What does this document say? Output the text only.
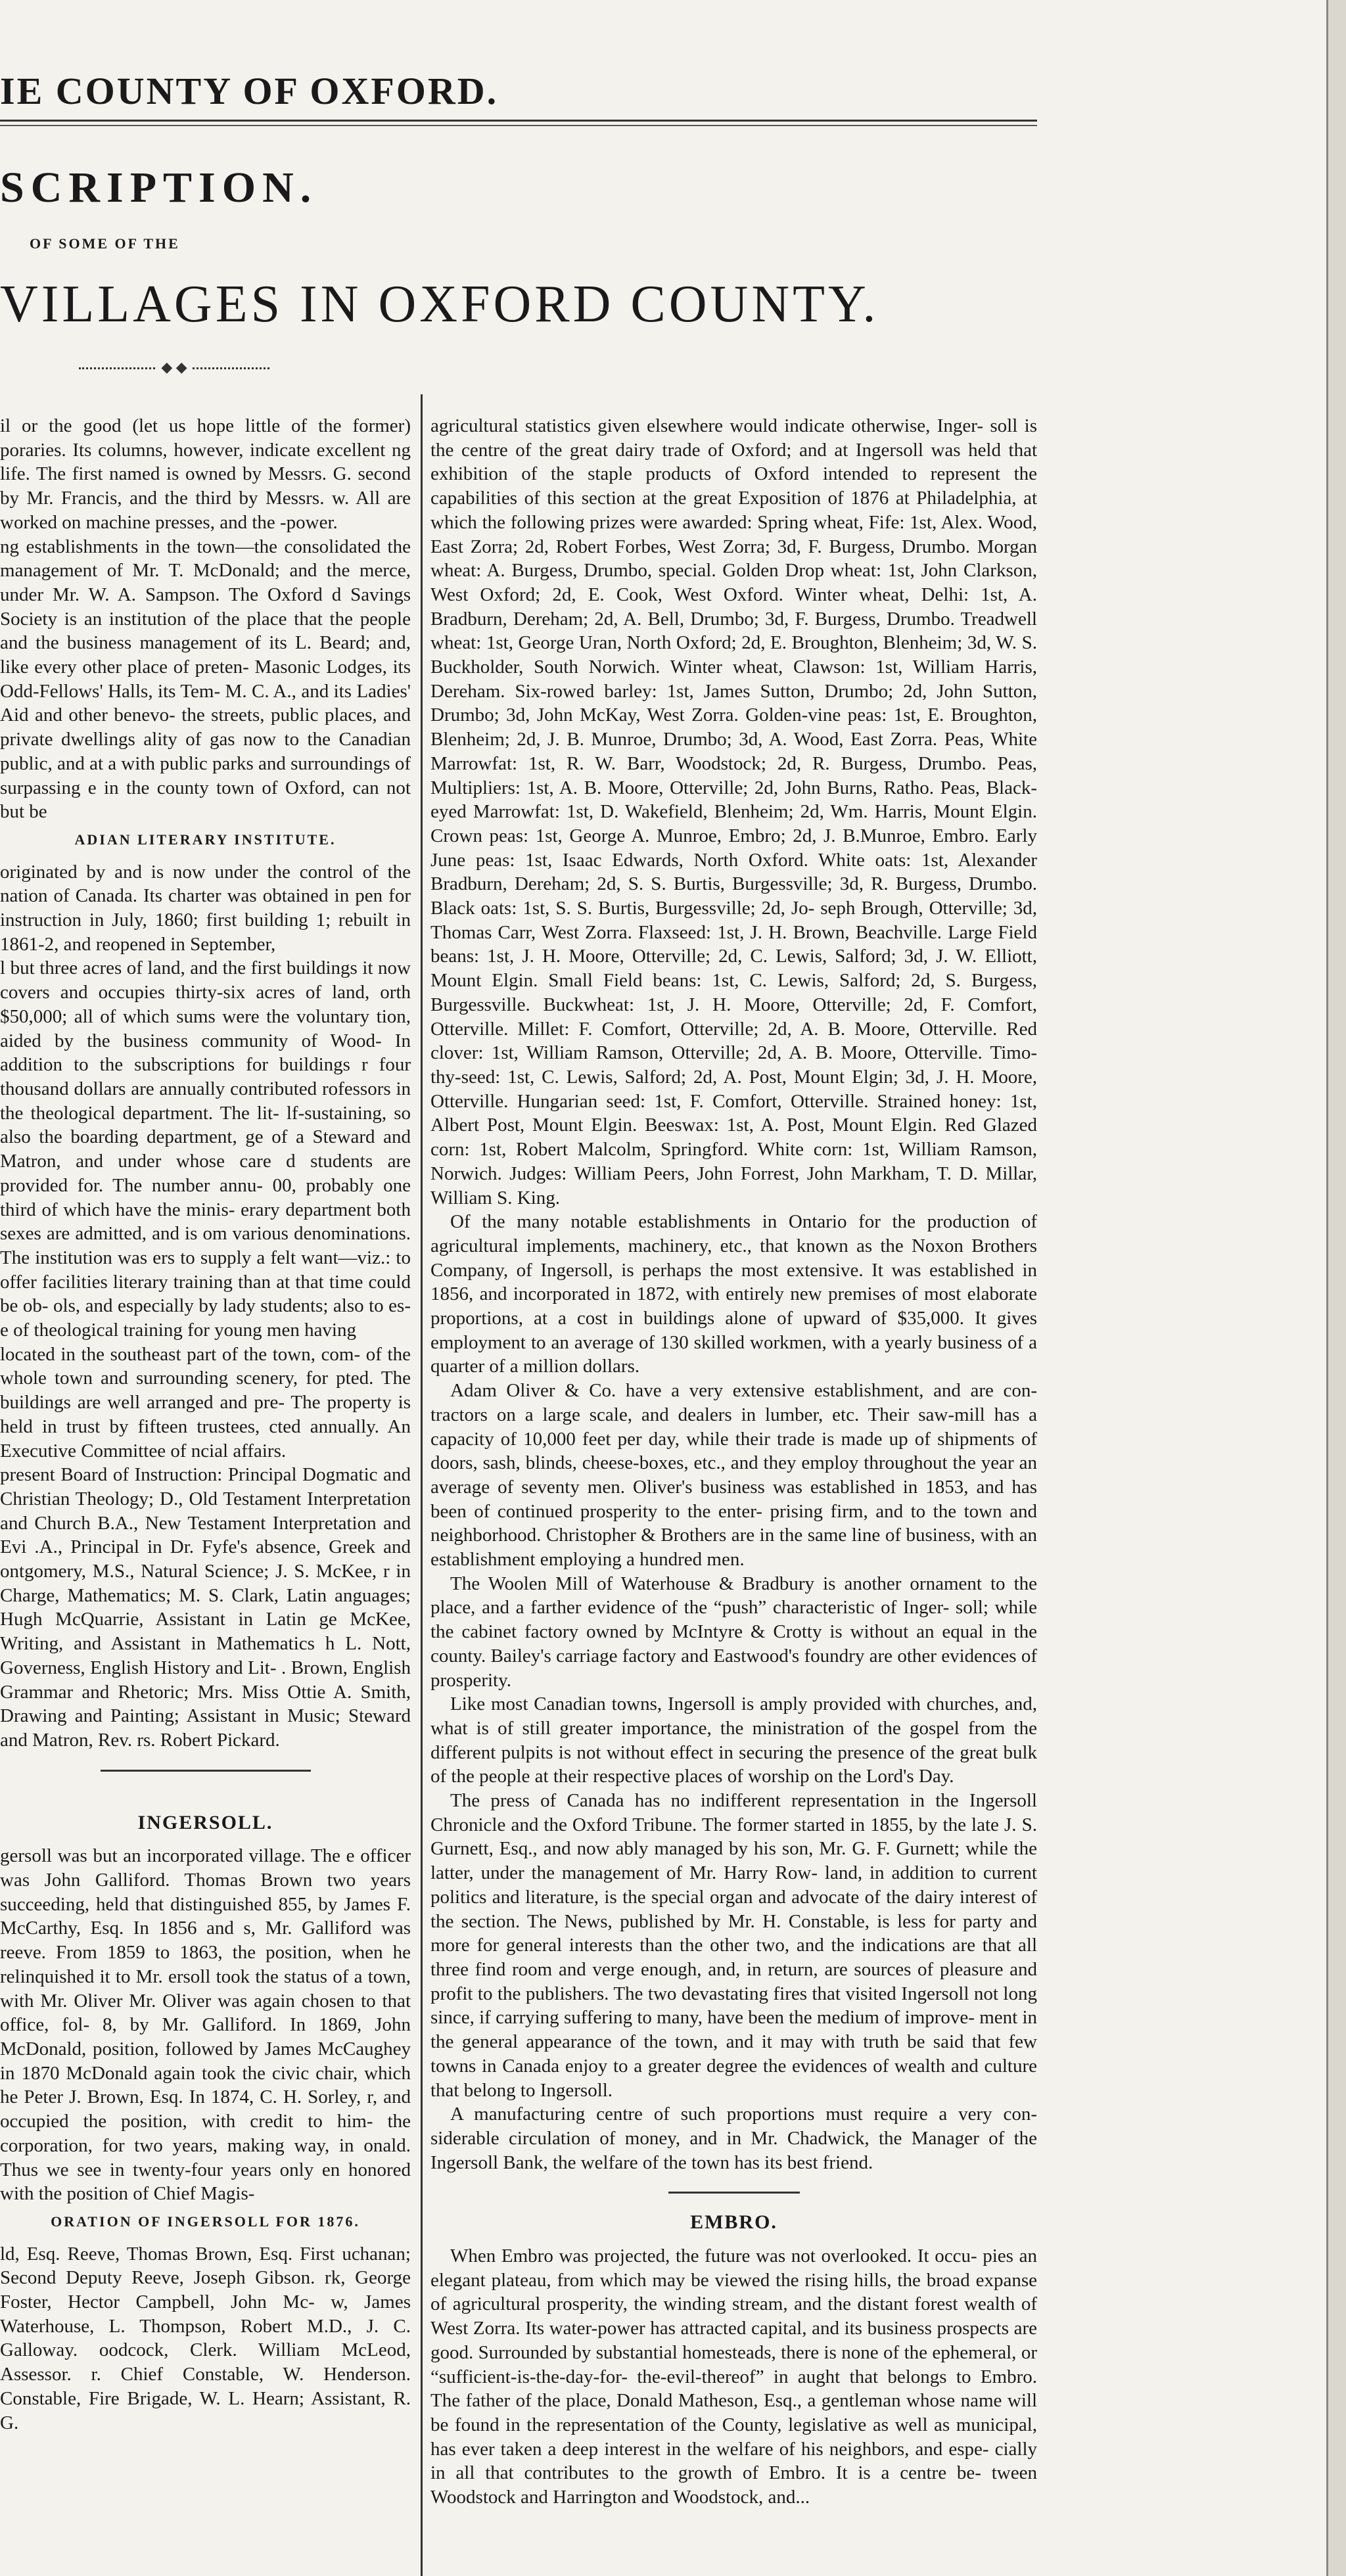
IE COUNTY OF OXFORD.
SCRIPTION.
OF SOME OF THE
VILLAGES IN OXFORD COUNTY.
◆ ◆

il or the good (let us hope little of the former) poraries. Its columns, however, indicate excellent ng life. The first named is owned by Messrs. G. second by Mr. Francis, and the third by Messrs. w. All are worked on machine presses, and the -power.

ng establishments in the town—the consolidated the management of Mr. T. McDonald; and the merce, under Mr. W. A. Sampson. The Oxford d Savings Society is an institution of the place that the people and the business management of its L. Beard; and, like every other place of preten- Masonic Lodges, its Odd-Fellows' Halls, its Tem- M. C. A., and its Ladies' Aid and other benevo- the streets, public places, and private dwellings ality of gas now to the Canadian public, and at a with public parks and surroundings of surpassing e in the county town of Oxford, can not but be

ADIAN LITERARY INSTITUTE.

originated by and is now under the control of the nation of Canada. Its charter was obtained in pen for instruction in July, 1860; first building 1; rebuilt in 1861-2, and reopened in September,

l but three acres of land, and the first buildings it now covers and occupies thirty-six acres of land, orth $50,000; all of which sums were the voluntary tion, aided by the business community of Wood- In addition to the subscriptions for buildings r four thousand dollars are annually contributed rofessors in the theological department. The lit- lf-sustaining, so also the boarding department, ge of a Steward and Matron, and under whose care d students are provided for. The number annu- 00, probably one third of which have the minis- erary department both sexes are admitted, and is om various denominations. The institution was ers to supply a felt want—viz.: to offer facilities literary training than at that time could be ob- ols, and especially by lady students; also to es- e of theological training for young men having

located in the southeast part of the town, com- of the whole town and surrounding scenery, for pted. The buildings are well arranged and pre- The property is held in trust by fifteen trustees, cted annually. An Executive Committee of ncial affairs.

present Board of Instruction: Principal Dogmatic and Christian Theology; D., Old Testament Interpretation and Church B.A., New Testament Interpretation and Evi .A., Principal in Dr. Fyfe's absence, Greek and ontgomery, M.S., Natural Science; J. S. McKee, r in Charge, Mathematics; M. S. Clark, Latin anguages; Hugh McQuarrie, Assistant in Latin ge McKee, Writing, and Assistant in Mathematics h L. Nott, Governess, English History and Lit- . Brown, English Grammar and Rhetoric; Mrs. Miss Ottie A. Smith, Drawing and Painting; Assistant in Music; Steward and Matron, Rev. rs. Robert Pickard.

INGERSOLL.

gersoll was but an incorporated village. The e officer was John Galliford. Thomas Brown two years succeeding, held that distinguished 855, by James F. McCarthy, Esq. In 1856 and s, Mr. Galliford was reeve. From 1859 to 1863, the position, when he relinquished it to Mr. ersoll took the status of a town, with Mr. Oliver Mr. Oliver was again chosen to that office, fol- 8, by Mr. Galliford. In 1869, John McDonald, position, followed by James McCaughey in 1870 McDonald again took the civic chair, which he Peter J. Brown, Esq. In 1874, C. H. Sorley, r, and occupied the position, with credit to him- the corporation, for two years, making way, in onald. Thus we see in twenty-four years only en honored with the position of Chief Magis-

ORATION OF INGERSOLL FOR 1876.

ld, Esq. Reeve, Thomas Brown, Esq. First uchanan; Second Deputy Reeve, Joseph Gibson. rk, George Foster, Hector Campbell, John Mc- w, James Waterhouse, L. Thompson, Robert M.D., J. C. Galloway. oodcock, Clerk. William McLeod, Assessor. r. Chief Constable, W. Henderson. Constable, Fire Brigade, W. L. Hearn; Assistant, R. G.

agricultural statistics given elsewhere would indicate otherwise, Inger- soll is the centre of the great dairy trade of Oxford; and at Ingersoll was held that exhibition of the staple products of Oxford intended to represent the capabilities of this section at the great Exposition of 1876 at Philadelphia, at which the following prizes were awarded: Spring wheat, Fife: 1st, Alex. Wood, East Zorra; 2d, Robert Forbes, West Zorra; 3d, F. Burgess, Drumbo. Morgan wheat: A. Burgess, Drumbo, special. Golden Drop wheat: 1st, John Clarkson, West Oxford; 2d, E. Cook, West Oxford. Winter wheat, Delhi: 1st, A. Bradburn, Dereham; 2d, A. Bell, Drumbo; 3d, F. Burgess, Drumbo. Treadwell wheat: 1st, George Uran, North Oxford; 2d, E. Broughton, Blenheim; 3d, W. S. Buckholder, South Norwich. Winter wheat, Clawson: 1st, William Harris, Dereham. Six-rowed barley: 1st, James Sutton, Drumbo; 2d, John Sutton, Drumbo; 3d, John McKay, West Zorra. Golden-vine peas: 1st, E. Broughton, Blenheim; 2d, J. B. Munroe, Drumbo; 3d, A. Wood, East Zorra. Peas, White Marrowfat: 1st, R. W. Barr, Woodstock; 2d, R. Burgess, Drumbo. Peas, Multipliers: 1st, A. B. Moore, Otterville; 2d, John Burns, Ratho. Peas, Black-eyed Marrowfat: 1st, D. Wakefield, Blenheim; 2d, Wm. Harris, Mount Elgin. Crown peas: 1st, George A. Munroe, Embro; 2d, J. B.Munroe, Embro. Early June peas: 1st, Isaac Edwards, North Oxford. White oats: 1st, Alexander Bradburn, Dereham; 2d, S. S. Burtis, Burgessville; 3d, R. Burgess, Drumbo. Black oats: 1st, S. S. Burtis, Burgessville; 2d, Jo- seph Brough, Otterville; 3d, Thomas Carr, West Zorra. Flaxseed: 1st, J. H. Brown, Beachville. Large Field beans: 1st, J. H. Moore, Otterville; 2d, C. Lewis, Salford; 3d, J. W. Elliott, Mount Elgin. Small Field beans: 1st, C. Lewis, Salford; 2d, S. Burgess, Burgessville. Buckwheat: 1st, J. H. Moore, Otterville; 2d, F. Comfort, Otterville. Millet: F. Comfort, Otterville; 2d, A. B. Moore, Otterville. Red clover: 1st, William Ramson, Otterville; 2d, A. B. Moore, Otterville. Timo- thy-seed: 1st, C. Lewis, Salford; 2d, A. Post, Mount Elgin; 3d, J. H. Moore, Otterville. Hungarian seed: 1st, F. Comfort, Otterville. Strained honey: 1st, Albert Post, Mount Elgin. Beeswax: 1st, A. Post, Mount Elgin. Red Glazed corn: 1st, Robert Malcolm, Springford. White corn: 1st, William Ramson, Norwich. Judges: William Peers, John Forrest, John Markham, T. D. Millar, William S. King.

Of the many notable establishments in Ontario for the production of agricultural implements, machinery, etc., that known as the Noxon Brothers Company, of Ingersoll, is perhaps the most extensive. It was established in 1856, and incorporated in 1872, with entirely new premises of most elaborate proportions, at a cost in buildings alone of upward of $35,000. It gives employment to an average of 130 skilled workmen, with a yearly business of a quarter of a million dollars.

Adam Oliver & Co. have a very extensive establishment, and are con- tractors on a large scale, and dealers in lumber, etc. Their saw-mill has a capacity of 10,000 feet per day, while their trade is made up of shipments of doors, sash, blinds, cheese-boxes, etc., and they employ throughout the year an average of seventy men. Oliver's business was established in 1853, and has been of continued prosperity to the enter- prising firm, and to the town and neighborhood. Christopher & Brothers are in the same line of business, with an establishment employing a hundred men.

The Woolen Mill of Waterhouse & Bradbury is another ornament to the place, and a farther evidence of the “push” characteristic of Inger- soll; while the cabinet factory owned by McIntyre & Crotty is without an equal in the county. Bailey's carriage factory and Eastwood's foundry are other evidences of prosperity.

Like most Canadian towns, Ingersoll is amply provided with churches, and, what is of still greater importance, the ministration of the gospel from the different pulpits is not without effect in securing the presence of the great bulk of the people at their respective places of worship on the Lord's Day.

The press of Canada has no indifferent representation in the Ingersoll Chronicle and the Oxford Tribune. The former started in 1855, by the late J. S. Gurnett, Esq., and now ably managed by his son, Mr. G. F. Gurnett; while the latter, under the management of Mr. Harry Row- land, in addition to current politics and literature, is the special organ and advocate of the dairy interest of the section. The News, published by Mr. H. Constable, is less for party and more for general interests than the other two, and the indications are that all three find room and verge enough, and, in return, are sources of pleasure and profit to the publishers. The two devastating fires that visited Ingersoll not long since, if carrying suffering to many, have been the medium of improve- ment in the general appearance of the town, and it may with truth be said that few towns in Canada enjoy to a greater degree the evidences of wealth and culture that belong to Ingersoll.

A manufacturing centre of such proportions must require a very con- siderable circulation of money, and in Mr. Chadwick, the Manager of the Ingersoll Bank, the welfare of the town has its best friend.

EMBRO.

When Embro was projected, the future was not overlooked. It occu- pies an elegant plateau, from which may be viewed the rising hills, the broad expanse of agricultural prosperity, the winding stream, and the distant forest wealth of West Zorra. Its water-power has attracted capital, and its business prospects are good. Surrounded by substantial homesteads, there is none of the ephemeral, or “sufficient-is-the-day-for- the-evil-thereof” in aught that belongs to Embro. The father of the place, Donald Matheson, Esq., a gentleman whose name will be found in the representation of the County, legislative as well as municipal, has ever taken a deep interest in the welfare of his neighbors, and espe- cially in all that contributes to the growth of Embro. It is a centre be- tween Woodstock and Harrington and Woodstock, and...
